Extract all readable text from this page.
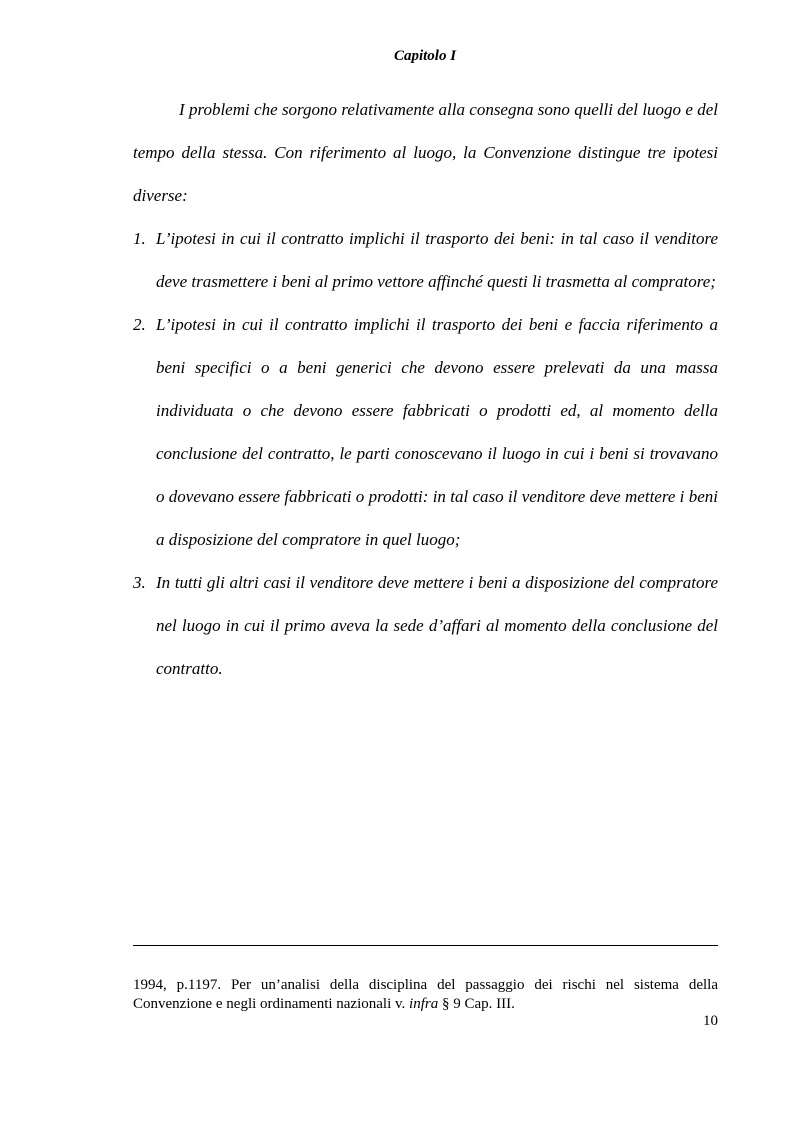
Capitolo I

I problemi che sorgono relativamente alla consegna sono quelli del luogo e del tempo della stessa. Con riferimento al luogo, la Convenzione distingue tre ipotesi diverse:

1. L’ipotesi in cui il contratto implichi il trasporto dei beni: in tal caso il venditore deve trasmettere i beni al primo vettore affinché questi li trasmetta al compratore;
2. L’ipotesi in cui il contratto implichi il trasporto dei beni e faccia riferimento a beni specifici o a beni generici che devono essere prelevati da una massa individuata o che devono essere fabbricati o prodotti ed, al momento della conclusione del contratto, le parti conoscevano il luogo in cui i beni si trovavano o dovevano essere fabbricati o prodotti: in tal caso il venditore deve mettere i beni a disposizione del compratore in quel luogo;
3. In tutti gli altri casi il venditore deve mettere i beni a disposizione del compratore nel luogo in cui il primo aveva la sede d’affari al momento della conclusione del contratto.
1994, p.1197. Per un’analisi della disciplina del passaggio dei rischi nel sistema della Convenzione e negli ordinamenti nazionali v. infra § 9 Cap. III.
10
